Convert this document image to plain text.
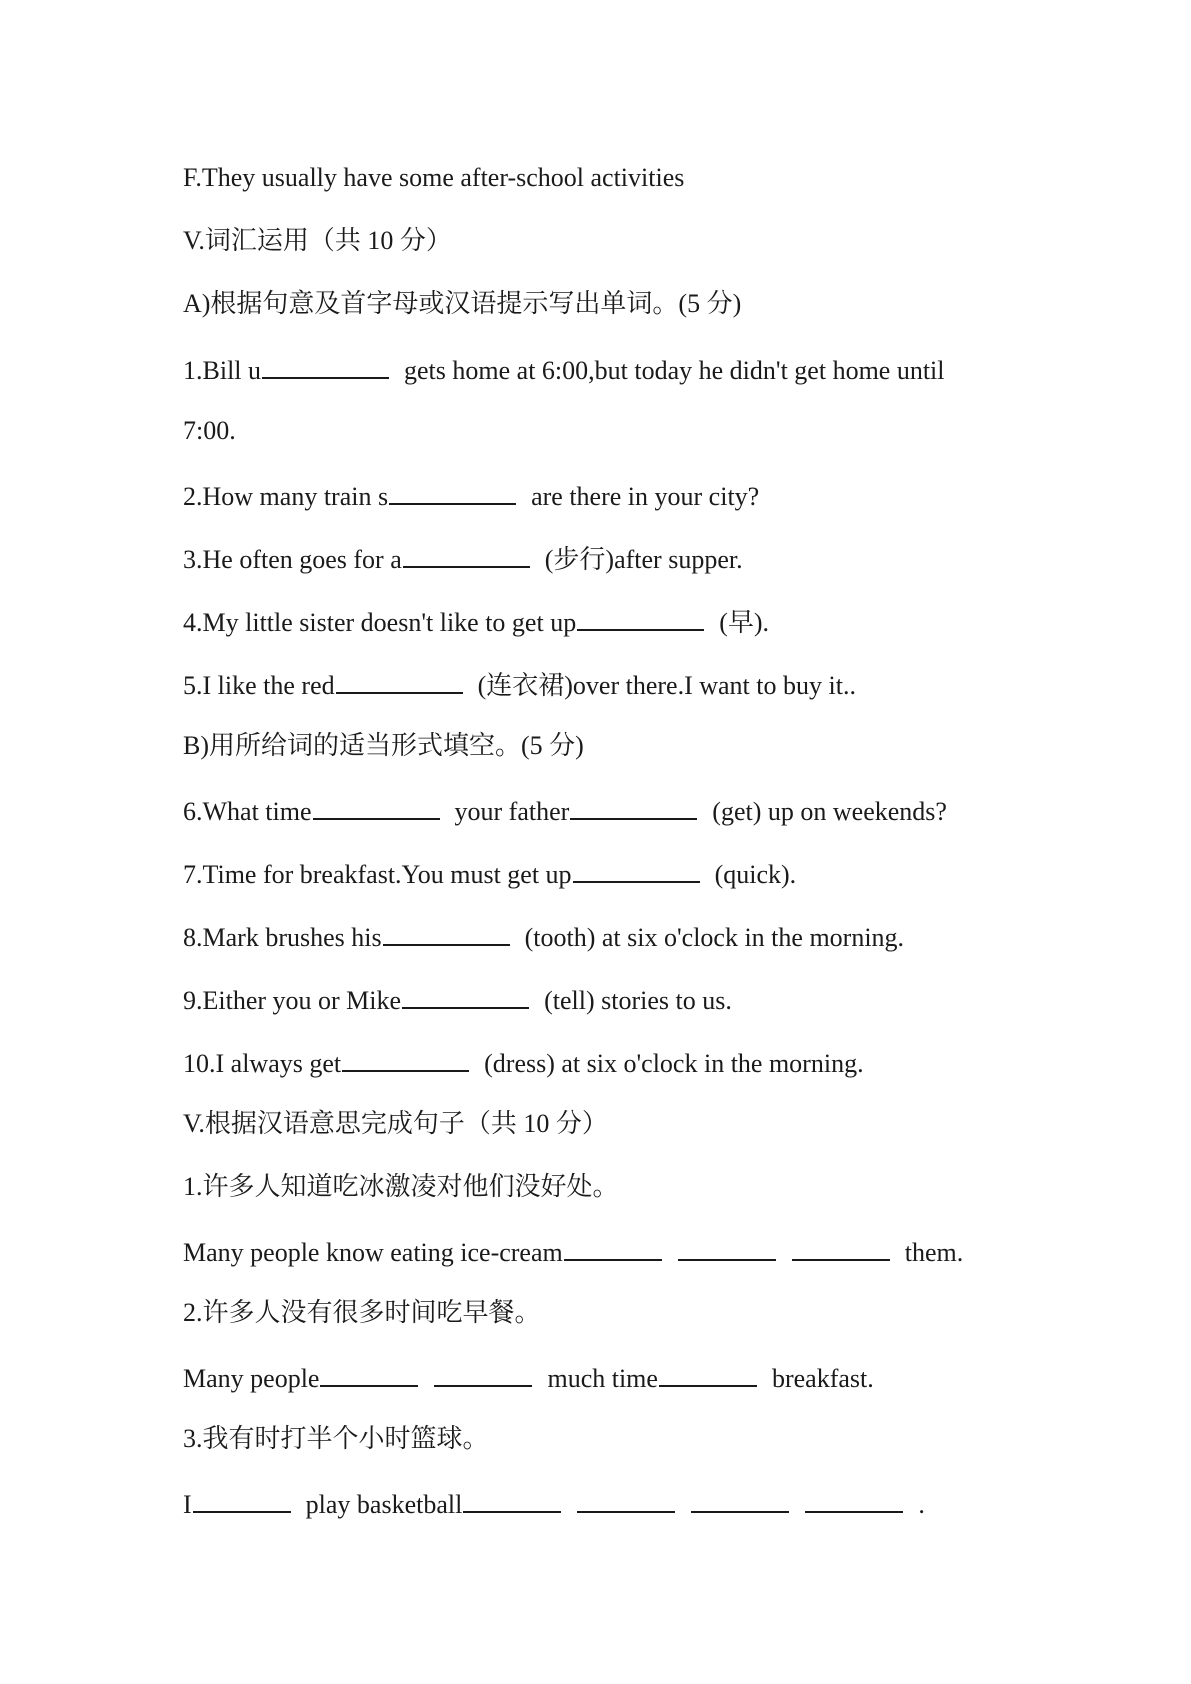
F.They usually have some after-school activities
V.词汇运用（共 10 分）
A)根据句意及首字母或汉语提示写出单词。(5 分)
1.Bill u	gets home at 6:00,but today he didn't get home until
7:00.
2.How many train s	are there in your city?
3.He often goes for a	(步行)after supper.
4.My little sister doesn't like to get up	(早).
5.I like the red	(连衣裙)over there.I want to buy it..
B)用所给词的适当形式填空。(5 分)
6.What time	your father	(get) up on weekends?
7.Time for breakfast.You must get up	(quick).
8.Mark brushes his	(tooth) at six o'clock in the morning.
9.Either you or Mike	(tell) stories to us.
10.I always get	(dress) at six o'clock in the morning.
V.根据汉语意思完成句子（共 10 分）
1.许多人知道吃冰激凌对他们没好处。
Many people know eating ice-cream	them.
2.许多人没有很多时间吃早餐。
Many people	much time	breakfast.
3.我有时打半个小时篮球。
I	play basketball	.
